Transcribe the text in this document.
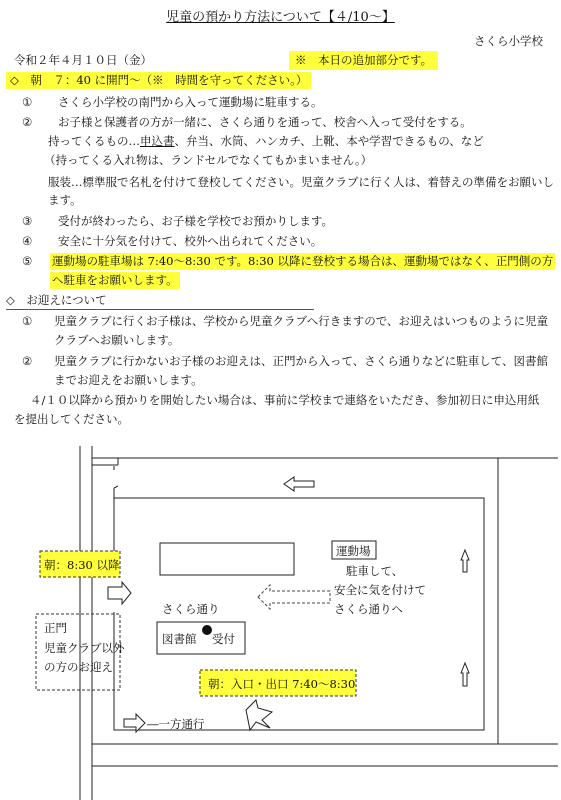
児童の預かり方法について【４/10～】
さくら小学校
令和２年４月１０日（金）	※　本日の追加部分です。
◇　朝　７：40 に開門～（※　時間を守ってください。）
① さくら小学校の南門から入って運動場に駐車する。
② お子様と保護者の方が一緒に、さくら通りを通って、校舎へ入って受付をする。
持ってくるもの…申込書、弁当、水筒、ハンカチ、上靴、本や学習できるもの、など
（持ってくる入れ物は、ランドセルでなくてもかまいません。）
服装…標準服で名札を付けて登校してください。児童クラブに行く人は、着替えの準備をお願いし
ます。
③ 受付が終わったら、お子様を学校でお預かりします。
④ 安全に十分気を付けて、校外へ出られてください。
⑤ 運動場の駐車場は 7:40～8:30 です。8:30 以降に登校する場合は、運動場ではなく、正門側の方
へ駐車をお願いします。
◇　お迎えについて
① 児童クラブに行くお子様は、学校から児童クラブへ行きますので、お迎えはいつものように児童
クラブへお願いします。
② 児童クラブに行かないお子様のお迎えは、正門から入って、さくら通りなどに駐車して、図書館
までお迎えをお願いします。
４/１０以降から預かりを開始したい場合は、事前に学校まで連絡をいただき、参加初日に申込用紙
を提出してください。
朝：8:30 以降
運動場
駐車して、
安全に気を付けて
さくら通りへ
さくら通り
図書館 受付
正門
児童クラブ以外
の方のお迎え
朝：入口・出口 7:40～8:30
―一方通行
